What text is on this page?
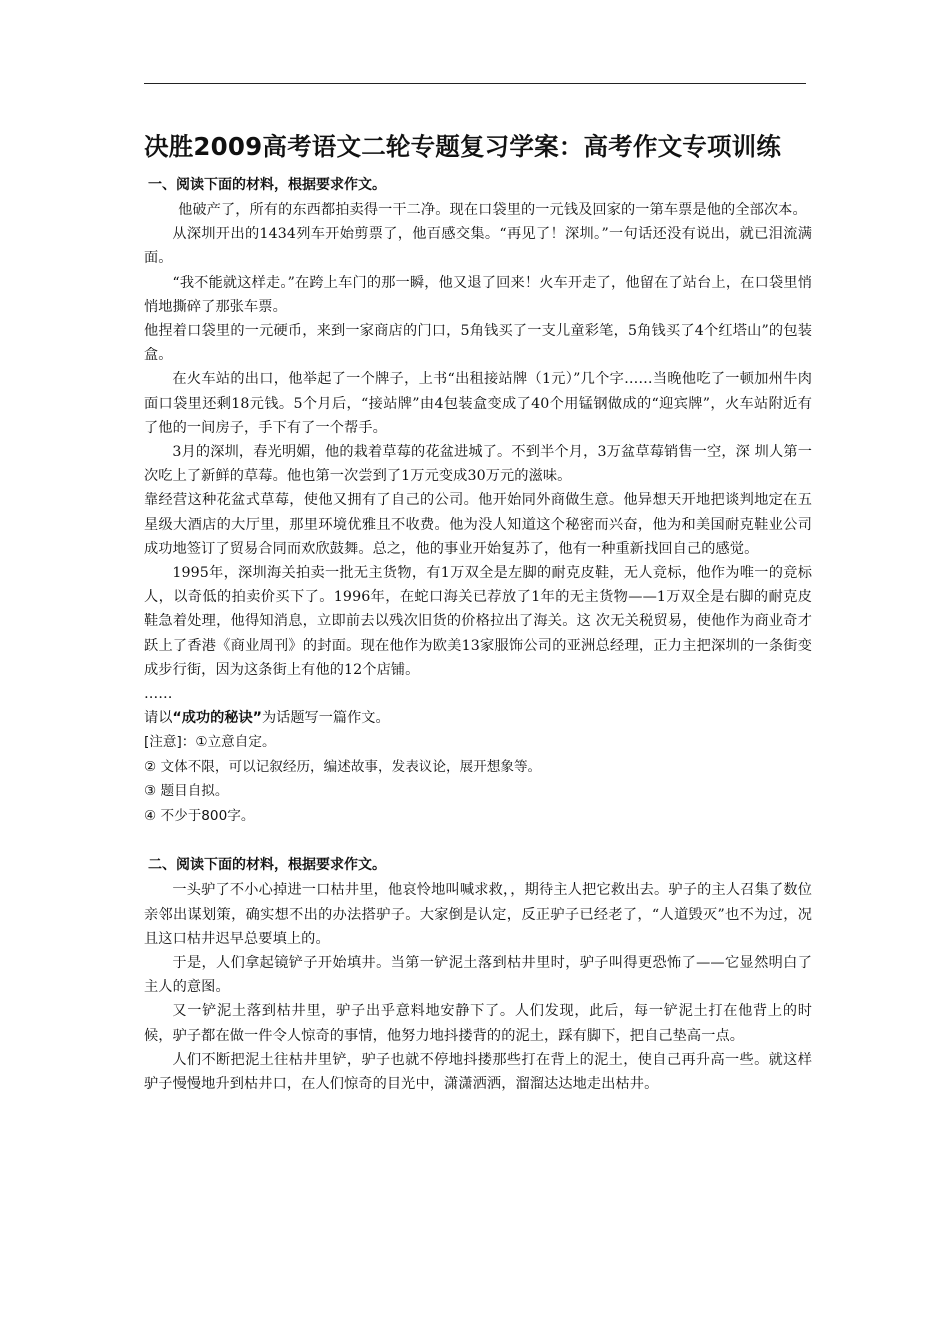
决胜2009高考语文二轮专题复习学案：高考作文专项训练
一、阅读下面的材料，根据要求作文。

他破产了，所有的东西都拍卖得一干二净。现在口袋里的一元钱及回家的一第车票是他的全部次本。

从深圳开出的1434列车开始剪票了，他百感交集。“再见了！深圳。”一句话还没有说出，就已泪流满面。

“我不能就这样走。”在跨上车门的那一瞬，他又退了回来！火车开走了，他留在了站台上，在口袋里悄悄地撕碎了那张车票。

他捏着口袋里的一元硬币，来到一家商店的门口，5角钱买了一支儿童彩笔，5角钱买了4个红塔山”的包装盒。

在火车站的出口，他举起了一个牌子，上书“出租接站牌（1元）”几个字……当晚他吃了一顿加州牛肉面口袋里还剩18元钱。5个月后，“接站牌”由4包装盒变成了40个用锰钢做成的“迎宾牌”，火车站附近有了他的一间房子，手下有了一个帮手。

3月的深圳，春光明媚，他的栽着草莓的花盆进城了。不到半个月，3万盆草莓销售一空，深 圳人第一次吃上了新鲜的草莓。他也第一次尝到了1万元变成30万元的滋味。

靠经营这种花盆式草莓，使他又拥有了自己的公司。他开始同外商做生意。他异想天开地把谈判地定在五星级大酒店的大厅里，那里环境优雅且不收费。他为没人知道这个秘密而兴奋，他为和美国耐克鞋业公司成功地签订了贸易合同而欢欣鼓舞。总之，他的事业开始复苏了，他有一种重新找回自己的感觉。

1995年，深圳海关拍卖一批无主货物，有1万双全是左脚的耐克皮鞋，无人竞标，他作为唯一的竞标人，以奇低的拍卖价买下了。1996年，在蛇口海关已荐放了1年的无主货物——1万双全是右脚的耐克皮鞋急着处理，他得知消息，立即前去以残次旧货的价格拉出了海关。这 次无关税贸易，使他作为商业奇才跃上了香港《商业周刊》的封面。现在他作为欧美13家服饰公司的亚洲总经理，正力主把深圳的一条街变成步行街，因为这条街上有他的12个店铺。

……

请以“成功的秘诀”为话题写一篇作文。

[注意]：①立意自定。

② 文体不限，可以记叙经历，编述故事，发表议论，展开想象等。

③ 题目自拟。

④ 不少于800字。

二、阅读下面的材料，根据要求作文。

一头驴了不小心掉进一口枯井里，他哀怜地叫喊求救，，期待主人把它救出去。驴子的主人召集了数位亲邻出谋划策，确实想不出的办法搭驴子。大家倒是认定，反正驴子已经老了，“人道毁灭”也不为过，况且这口枯井迟早总要填上的。

于是，人们拿起镜铲子开始填井。当第一铲泥土落到枯井里时，驴子叫得更恐怖了——它显然明白了主人的意图。

又一铲泥土落到枯井里，驴子出乎意料地安静下了。人们发现，此后，每一铲泥土打在他背上的时候，驴子都在做一件令人惊奇的事情，他努力地抖搂背的的泥土，踩有脚下，把自己垫高一点。

人们不断把泥土往枯井里铲，驴子也就不停地抖搂那些打在背上的泥土，使自己再升高一些。就这样驴子慢慢地升到枯井口，在人们惊奇的目光中，潇潇洒洒，溜溜达达地走出枯井。
